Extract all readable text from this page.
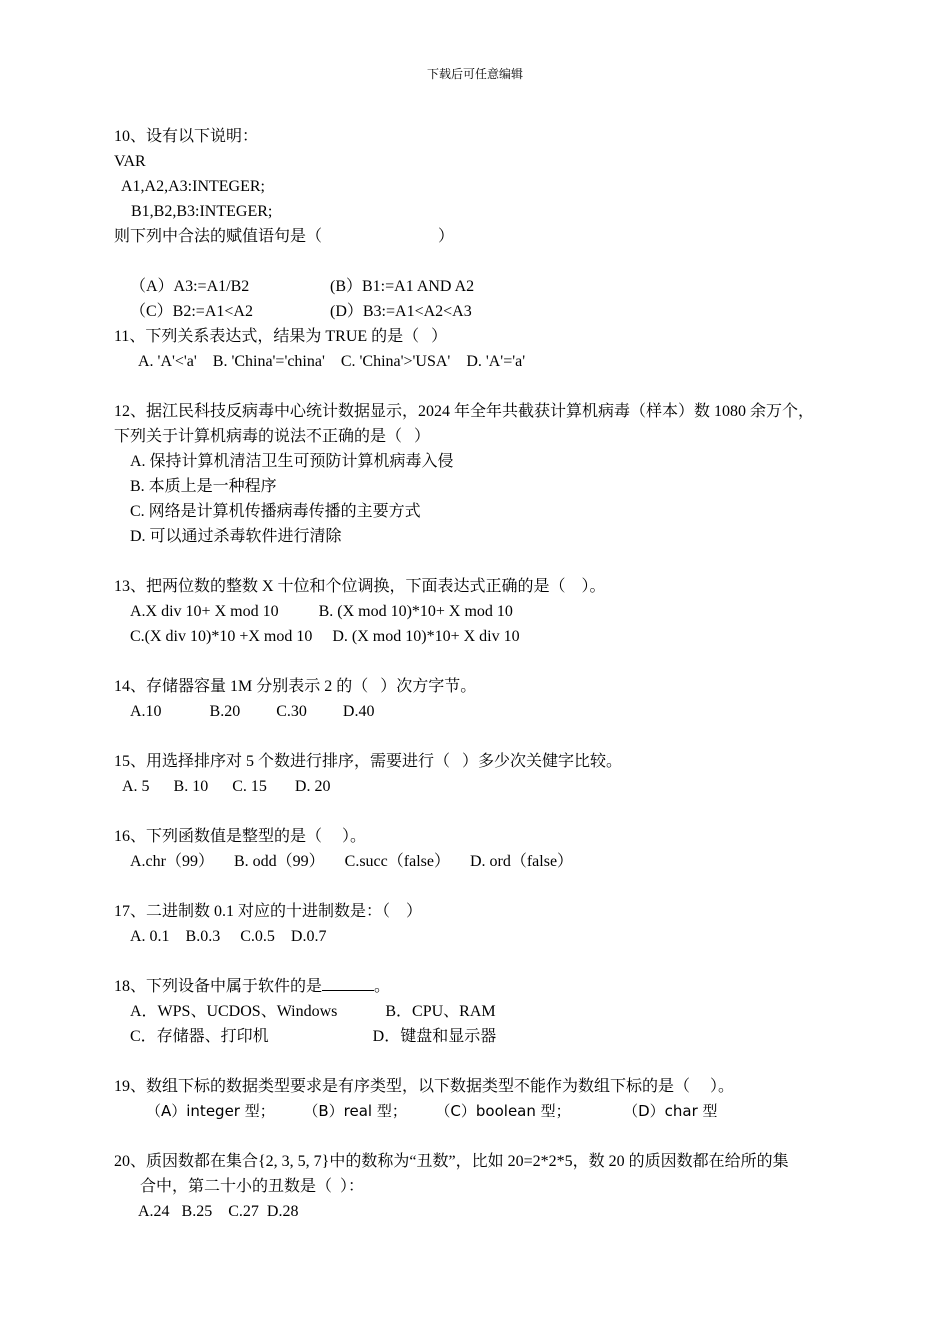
下载后可任意编辑
10、设有以下说明：
VAR
A1,A2,A3:INTEGER;
B1,B2,B3:INTEGER;
则下列中合法的赋值语句是（                             ）

（A）A3:=A1/B2	(B）B1:=A1 AND A2

（C）B2:=A1<A2	(D）B3:=A1<A2<A3

11、下列关系表达式，结果为 TRUE 的是（   ）
A. 'A'<'a'    B. 'China'='china'    C. 'China'>'USA'    D. 'A'='a'
12、据江民科技反病毒中心统计数据显示，2024 年全年共截获计算机病毒（样本）数 1080 余万个，
下列关于计算机病毒的说法不正确的是（   ）
A. 保持计算机清洁卫生可预防计算机病毒入侵
B. 本质上是一种程序
C. 网络是计算机传播病毒传播的主要方式
D. 可以通过杀毒软件进行清除
13、把两位数的整数 X 十位和个位调换，下面表达式正确的是（    ）。
A.X div 10+ X mod 10          B. (X mod 10)*10+ X mod 10
C.(X div 10)*10 +X mod 10     D. (X mod 10)*10+ X div 10
14、存储器容量 1M 分别表示 2 的（   ）次方字节。
A.10            B.20         C.30         D.40
15、用选择排序对 5 个数进行排序，需要进行（   ）多少次关健字比较。
A. 5      B. 10      C. 15       D. 20
16、下列函数值是整型的是（     ）。
A.chr（99）     B. odd（99）     C.succ（false）     D. ord（false）
17、二进制数 0.1 对应的十进制数是：（    ）
A. 0.1    B.0.3     C.0.5    D.0.7
18、下列设备中属于软件的是	。
A．WPS、UCDOS、Windows            B．CPU、RAM
C．存储器、打印机                          D．键盘和显示器
19、数组下标的数据类型要求是有序类型，以下数据类型不能作为数组下标的是（     ）。
（A）integer 型；      （B）real 型；      （C）boolean 型；           （D）char 型
20、质因数都在集合{2, 3, 5, 7}中的数称为“丑数”，比如 20=2*2*5，数 20 的质因数都在给所的集
合中，第二十小的丑数是（  ）：
A.24   B.25    C.27  D.28
